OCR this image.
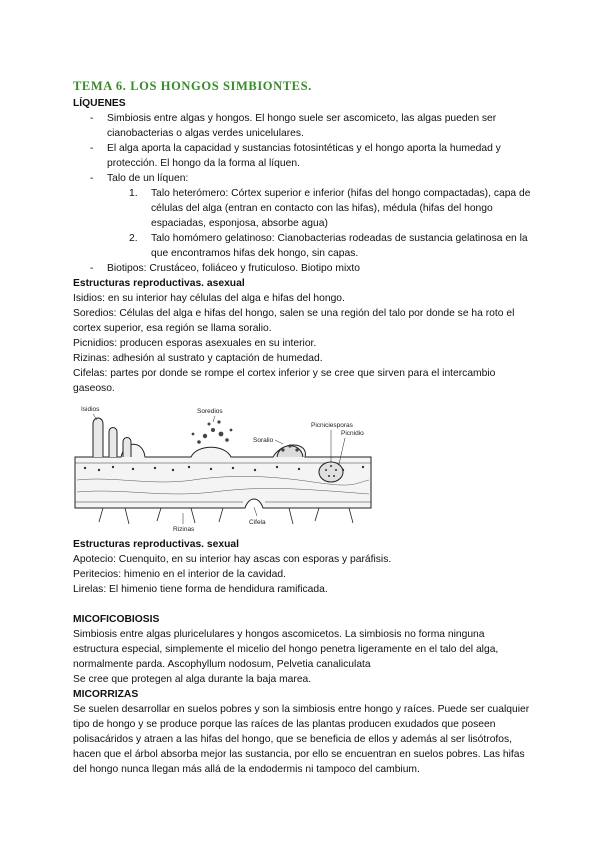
TEMA 6. LOS HONGOS SIMBIONTES.

LÍQUENES

- Simbiosis entre algas y hongos. El hongo suele ser ascomiceto, las algas pueden ser cianobacterias o algas verdes unicelulares.
- El alga aporta la capacidad y sustancias fotosintéticas y el hongo aporta la humedad y protección. El hongo da la forma al líquen.
- Talo de un líquen:
1. Talo heterómero: Córtex superior e inferior (hifas del hongo compactadas), capa de células del alga (entran en contacto con las hifas), médula (hifas del hongo espaciadas, esponjosa, absorbe agua)
2. Talo homómero gelatinoso: Cianobacterias rodeadas de sustancia gelatinosa en la que encontramos hifas dek hongo, sin capas.
- Biotipos: Crustáceo, foliáceo y fruticuloso. Biotipo mixto

Estructuras reproductivas. asexual

Isidios: en su interior hay células del alga e hifas del hongo.

Soredios: Células del alga e hifas del hongo, salen se una región del talo por donde se ha roto el cortex superior, esa región se llama soralio.

Picnidios: producen esporas asexuales en su interior.

Rizinas: adhesión al sustrato y captación de humedad.

Cifelas: partes por donde se rompe el cortex inferior y se cree que sirven para el intercambio gaseoso.

Isidios	Soredios
Soralio
Picniciesporas
Picnidio
Rizinas
Cifela

Estructuras reproductivas. sexual

Apotecio: Cuenquito, en su interior hay ascas con esporas y paráfisis.

Peritecios: himenio en el interior de la cavidad.

Lirelas: El himenio tiene forma de hendidura ramificada.

MICOFICOBIOSIS

Simbiosis entre algas pluricelulares y hongos ascomicetos. La simbiosis no forma ninguna estructura especial, simplemente el micelio del hongo penetra ligeramente en el talo del alga, normalmente parda. Ascophyllum nodosum, Pelvetia canaliculata

Se cree que protegen al alga durante la baja marea.

MICORRIZAS

Se suelen desarrollar en suelos pobres y son la simbiosis entre hongo y raíces. Puede ser cualquier tipo de hongo y se produce porque las raíces de las plantas producen exudados que poseen polisacáridos y atraen a las hifas del hongo, que se beneficia de ellos y además al ser lisótrofos, hacen que el árbol absorba mejor las sustancia, por ello se encuentran en suelos pobres. Las hifas del hongo nunca llegan más allá de la endodermis ni tampoco del cambium.
